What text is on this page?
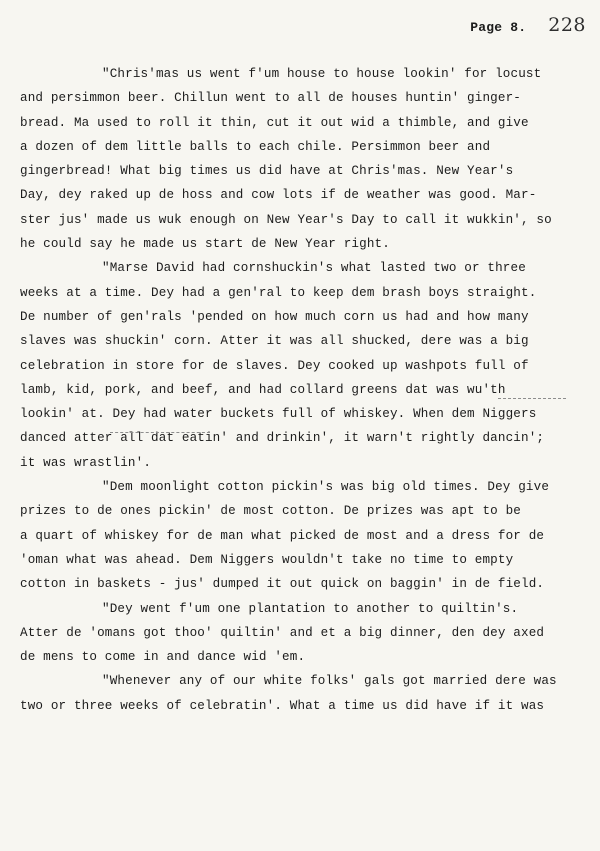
Page 8. 228
"Chris'mas us went f'um house to house lookin' for locust
and persimmon beer. Chillun went to all de houses huntin' ginger-
bread. Ma used to roll it thin, cut it out wid a thimble, and give
a dozen of dem little balls to each chile. Persimmon beer and
gingerbread! What big times us did have at Chris'mas. New Year's
Day, dey raked up de hoss and cow lots if de weather was good. Mar-
ster jus' made us wuk enough on New Year's Day to call it wukkin', so
he could say he made us start de New Year right.
"Marse David had cornshuckin's what lasted two or three
weeks at a time. Dey had a gen'ral to keep dem brash boys straight.
De number of gen'rals 'pended on how much corn us had and how many
slaves was shuckin' corn. Atter it was all shucked, dere was a big
celebration in store for de slaves. Dey cooked up washpots full of
lamb, kid, pork, and beef, and had collard greens dat was wu'th
lookin' at. Dey had water buckets full of whiskey. When dem Niggers
danced atter all dat eatin' and drinkin', it warn't rightly dancin';
it was wrastlin'.
"Dem moonlight cotton pickin's was big old times. Dey give
prizes to de ones pickin' de most cotton. De prizes was apt to be
a quart of whiskey for de man what picked de most and a dress for de
'oman what was ahead. Dem Niggers wouldn't take no time to empty
cotton in baskets - jus' dumped it out quick on baggin' in de field.
"Dey went f'um one plantation to another to quiltin's.
Atter de 'omans got thoo' quiltin' and et a big dinner, den dey axed
de mens to come in and dance wid 'em.
"Whenever any of our white folks' gals got married dere was
two or three weeks of celebratin'. What a time us did have if it was
